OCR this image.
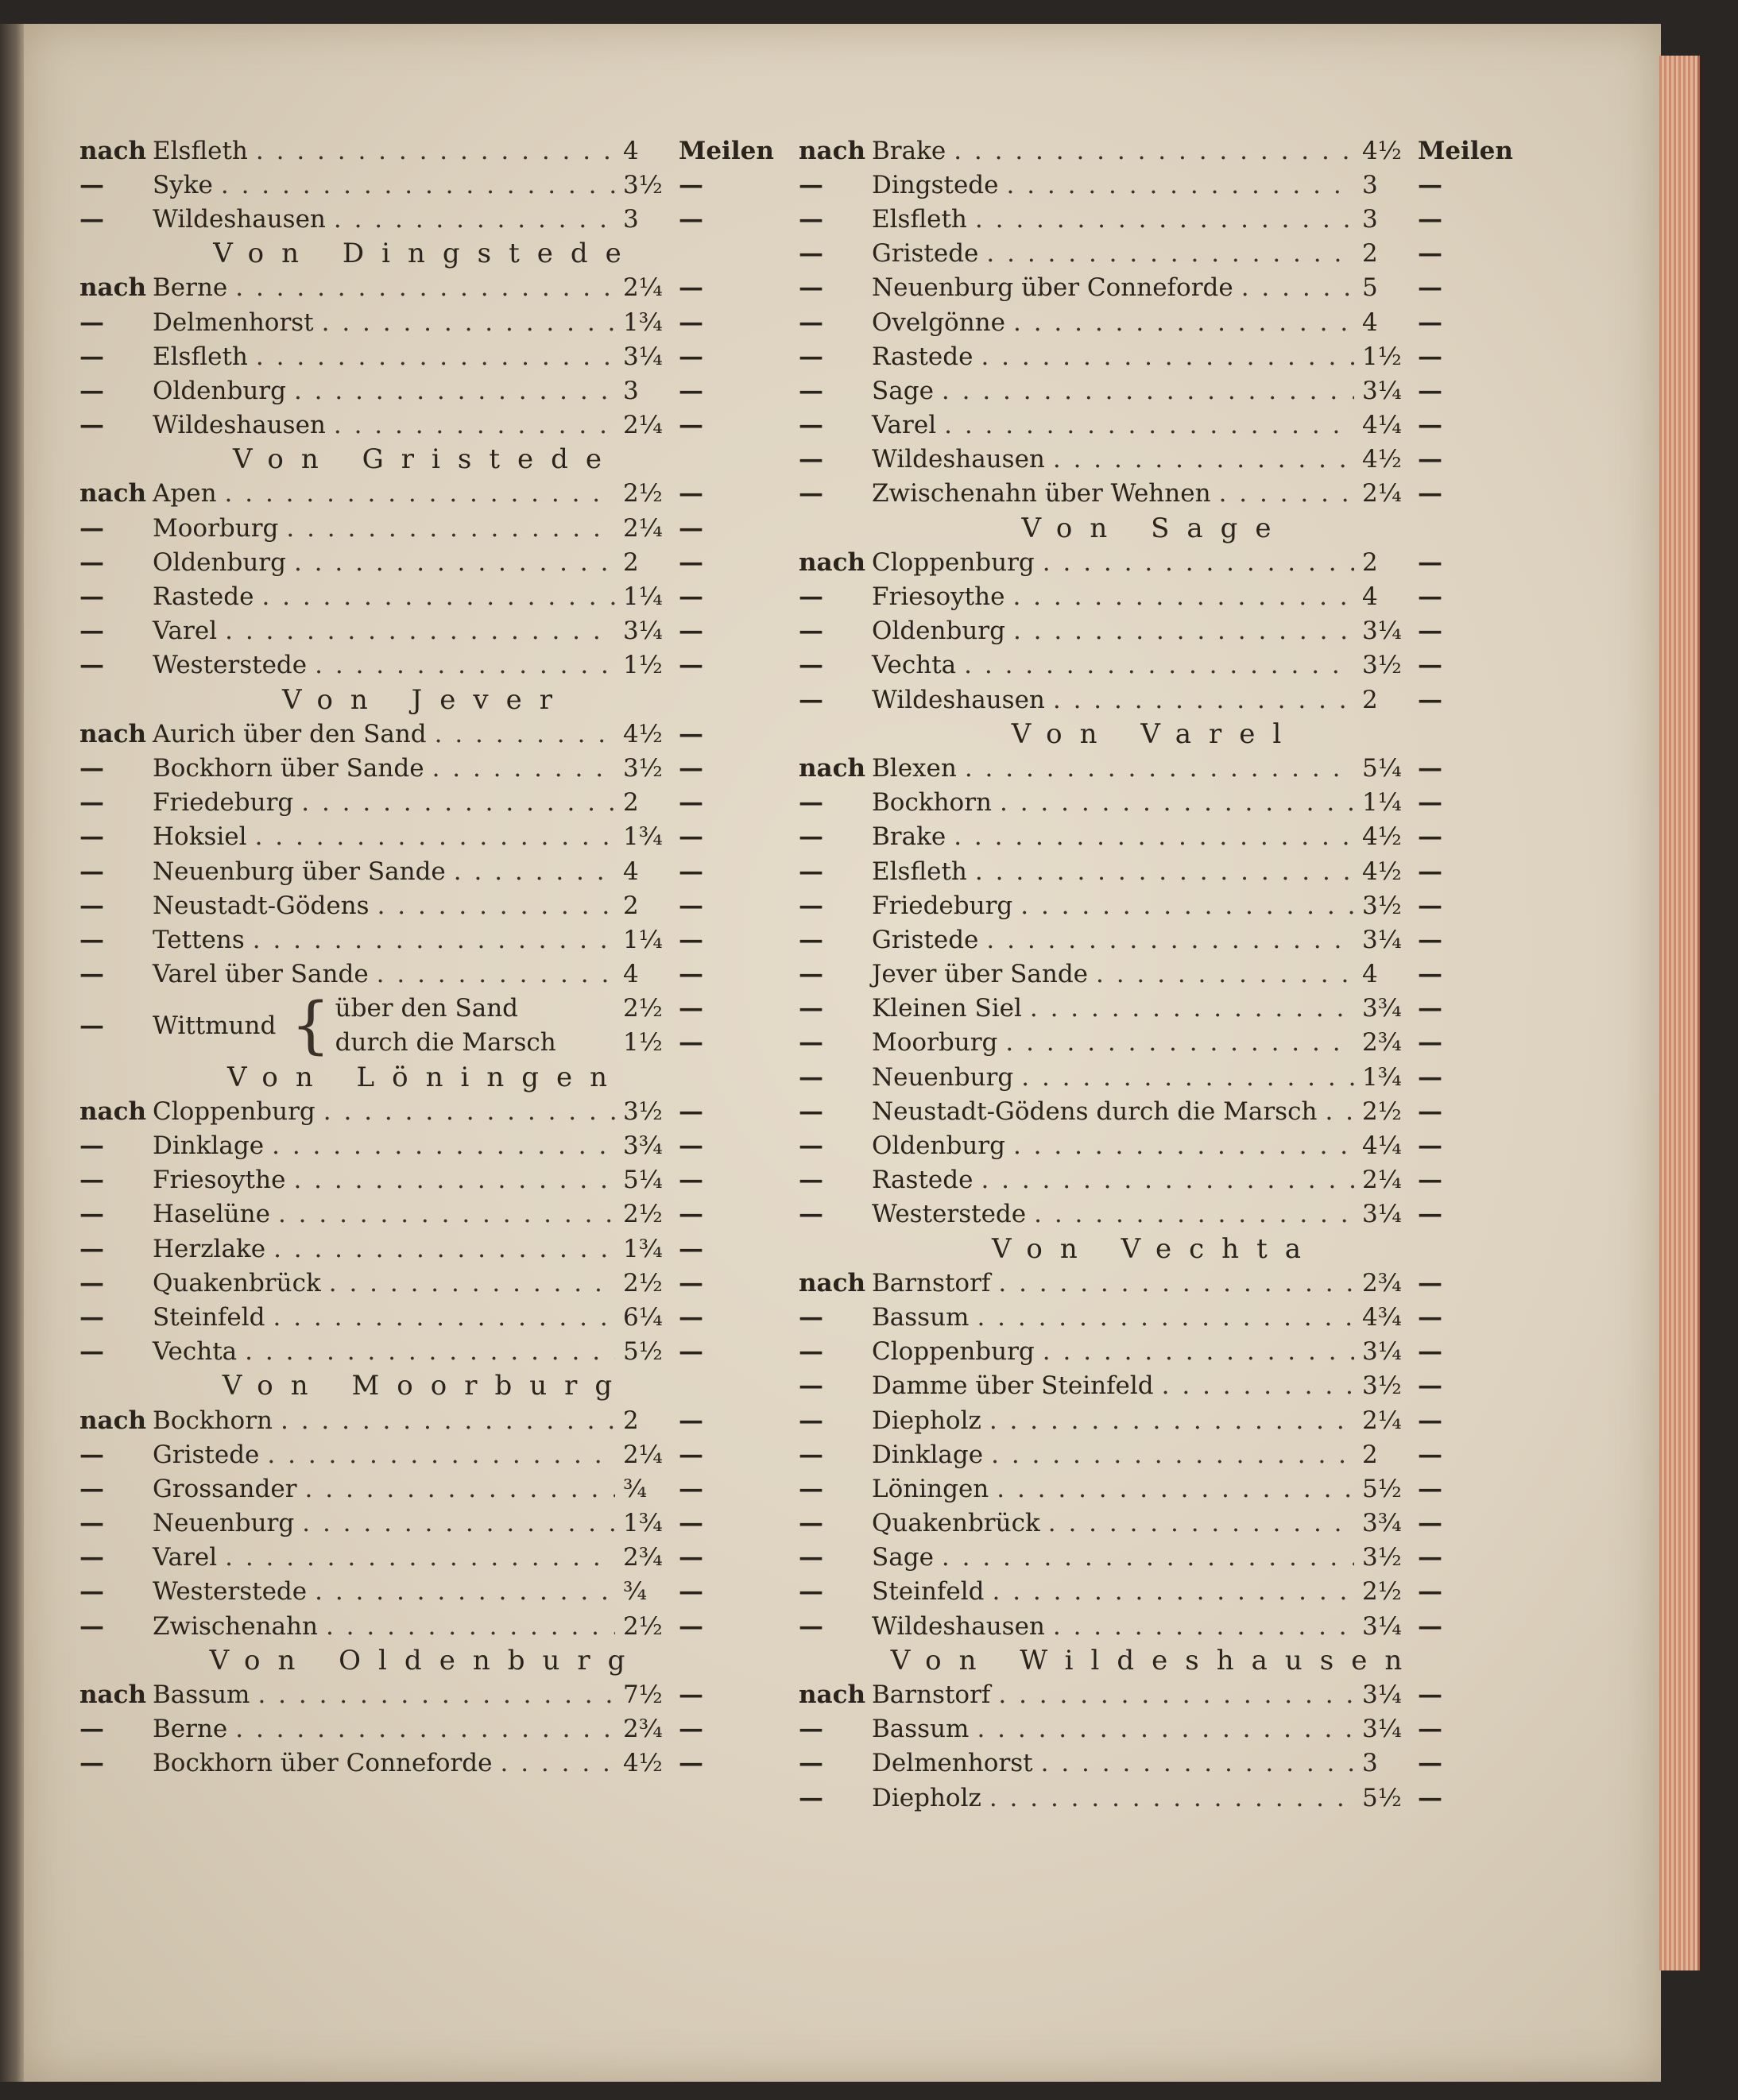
nach Elsfleth . . .	4	Meilen
—	Syke . . .	3½ —
—	Wildeshausen . . .	3	—
Von Dingstede
nach Berne . . .	2¼ —
—	Delmenhorst . . .	1¾ —
—	Elsfleth . . .	3¼ —
—	Oldenburg . . .	3	—
—	Wildeshausen . . .	2¼ —
Von Gristede
nach Apen . . .	2½ —
—	Moorburg . . .	2¼ —
—	Oldenburg . . .	2	—
—	Rastede . . .	1¼ —
—	Varel . . .	3¼ —
—	Westerstede . . .	1½ —
Von Jever
nach Aurich über den Sand . . .	4½ —
—	Bockhorn über Sande . . .	3½ —
—	Friedeburg . . .	2	—
—	Hoksiel . . .	1¾ —
—	Neuenburg über Sande . . .	4	—
—	Neustadt-Gödens . . .	2	—
—	Tettens . . .	1¼ —
—	Varel über Sande . . .	4	—
—	Wittmund { über den Sand	2½ —
durch die Marsch	1½ —
Von Löningen
nach Cloppenburg . . .	3½ —
—	Dinklage . . .	3¾ —
—	Friesoythe . . .	5¼ —
—	Haselüne . . .	2½ —
—	Herzlake . . .	1¾ —
—	Quakenbrück . . .	2½ —
—	Steinfeld . . .	6¼ —
—	Vechta . . .	5½ —
Von Moorburg
nach Bockhorn . . .	2	—
—	Gristede . . .	2¼ —
—	Grossander . . .	¾	—
—	Neuenburg . . .	1¾ —
—	Varel . . .	2¾ —
—	Westerstede . . .	¾	—
—	Zwischenahn . . .	2½ —
Von Oldenburg
nach Bassum . . .	7½ —
—	Berne . . .	2¾ —
—	Bockhorn über Conneforde . . .	4½ —
nach Brake . . .	4½ Meilen
—	Dingstede . . .	3	—
—	Elsfleth . . .	3	—
—	Gristede . . .	2	—
—	Neuenburg über Conneforde . . .	5	—
—	Ovelgönne . . .	4	—
—	Rastede . . .	1½ —
—	Sage . . .	3¼ —
—	Varel . . .	4¼ —
—	Wildeshausen . . .	4½ —
—	Zwischenahn über Wehnen . . .	2¼ —
Von Sage
nach Cloppenburg . . .	2	—
—	Friesoythe . . .	4	—
—	Oldenburg . . .	3¼ —
—	Vechta . . .	3½ —
—	Wildeshausen . . .	2	—
Von Varel
nach Blexen . . .	5¼ —
—	Bockhorn . . .	1¼ —
—	Brake . . .	4½ —
—	Elsfleth . . .	4½ —
—	Friedeburg . . .	3½ —
—	Gristede . . .	3¼ —
—	Jever über Sande . . .	4	—
—	Kleinen Siel . . .	3¾ —
—	Moorburg . . .	2¾ —
—	Neuenburg . . .	1¾ —
—	Neustadt-Gödens durch die Marsch . . . 2½ —
—	Oldenburg . . .	4¼ —
—	Rastede . . .	2¼ —
—	Westerstede . . .	3¼ —
Von Vechta
nach Barnstorf . . .	2¾ —
—	Bassum . . .	4¾ —
—	Cloppenburg . . .	3¼ —
—	Damme über Steinfeld . . .	3½ —
—	Diepholz . . .	2¼ —
—	Dinklage . . .	2	—
—	Löningen . . .	5½ —
—	Quakenbrück . . .	3¾ —
—	Sage . . .	3½ —
—	Steinfeld . . .	2½ —
—	Wildeshausen . . .	3¼ —
Von Wildeshausen
nach Barnstorf . . .	3¼ —
—	Bassum . . .	3¼ —
—	Delmenhorst . . .	3	—
—	Diepholz . . .	5½ —
